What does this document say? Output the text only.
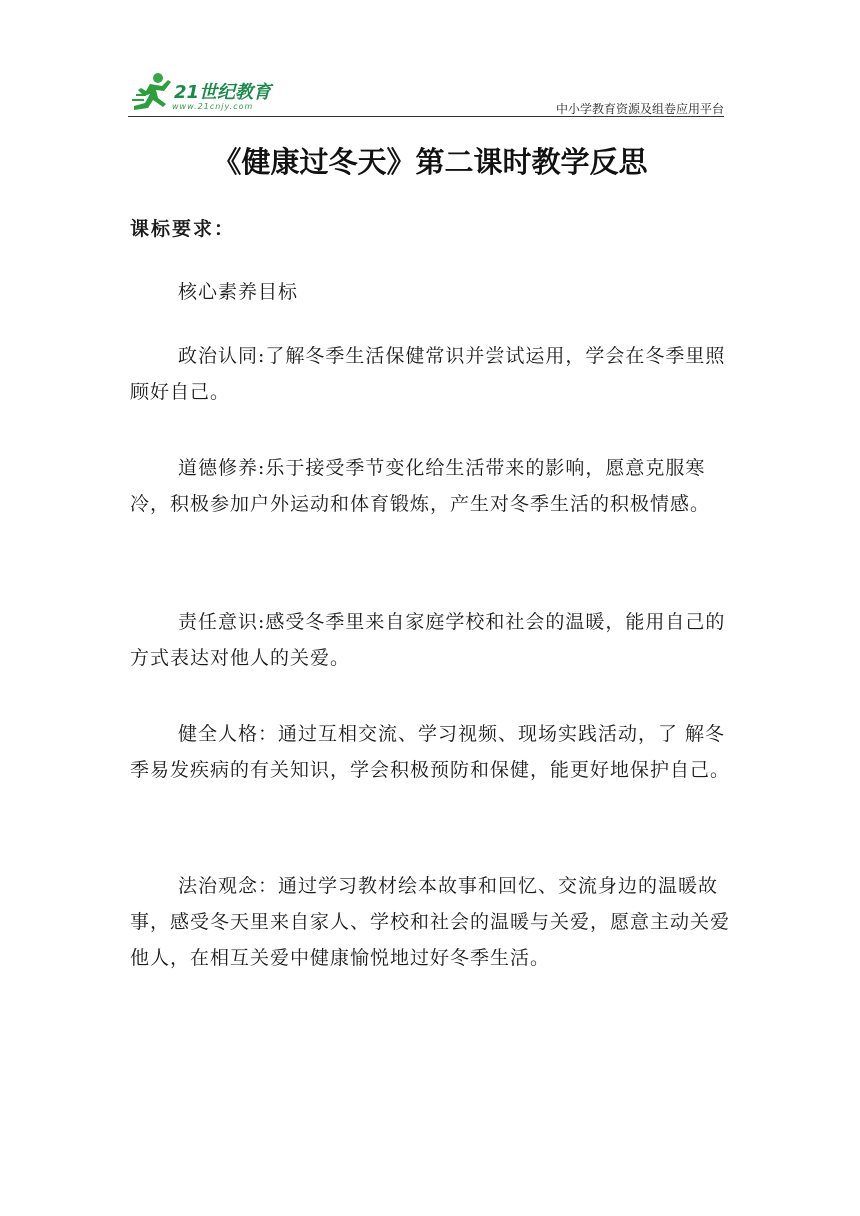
21世纪教育
www.21cnjy.com	中小学教育资源及组卷应用平台
《健康过冬天》第二课时教学反思
课标要求：

核心素养目标

政治认同:了解冬季生活保健常识并尝试运用，学会在冬季里照顾好自己。

道德修养:乐于接受季节变化给生活带来的影响，愿意克服寒冷，积极参加户外运动和体育锻炼，产生对冬季生活的积极情感。

责任意识:感受冬季里来自家庭学校和社会的温暖，能用自己的方式表达对他人的关爱。

健全人格：通过互相交流、学习视频、现场实践活动，了 解冬季易发疾病的有关知识，学会积极预防和保健，能更好地保护自己。

法治观念：通过学习教材绘本故事和回忆、交流身边的温暖故事，感受冬天里来自家人、学校和社会的温暖与关爱，愿意主动关爱他人，在相互关爱中健康愉悦地过好冬季生活。
